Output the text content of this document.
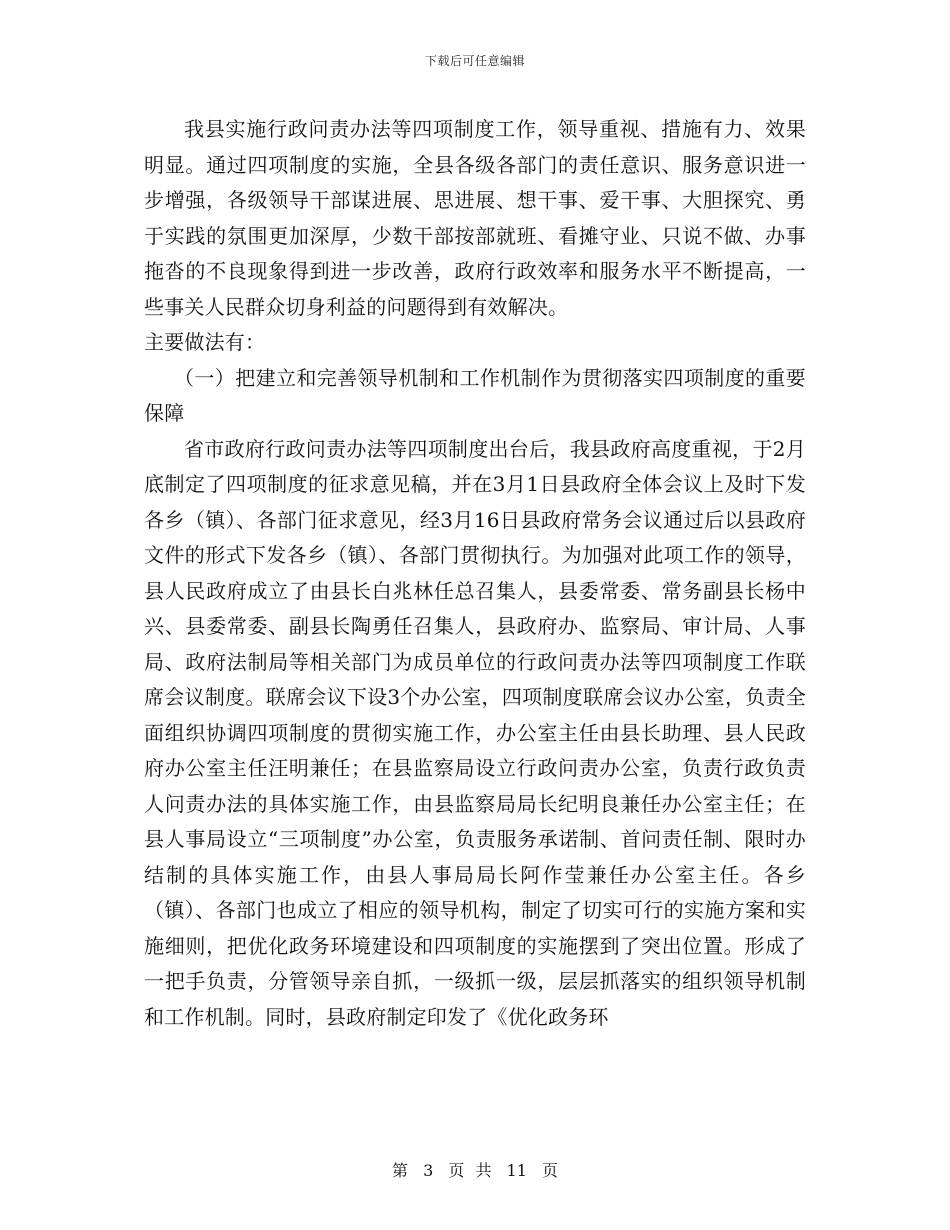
下载后可任意编辑

我县实施行政问责办法等四项制度工作，领导重视、措施有力、效果明显。通过四项制度的实施，全县各级各部门的责任意识、服务意识进一步增强，各级领导干部谋进展、思进展、想干事、爱干事、大胆探究、勇于实践的氛围更加深厚，少数干部按部就班、看摊守业、只说不做、办事拖沓的不良现象得到进一步改善，政府行政效率和服务水平不断提高，一些事关人民群众切身利益的问题得到有效解决。

主要做法有：

（一）把建立和完善领导机制和工作机制作为贯彻落实四项制度的重要保障

省市政府行政问责办法等四项制度出台后，我县政府高度重视，于2月底制定了四项制度的征求意见稿，并在3月1日县政府全体会议上及时下发各乡（镇）、各部门征求意见，经3月16日县政府常务会议通过后以县政府文件的形式下发各乡（镇）、各部门贯彻执行。为加强对此项工作的领导，县人民政府成立了由县长白兆林任总召集人，县委常委、常务副县长杨中兴、县委常委、副县长陶勇任召集人，县政府办、监察局、审计局、人事局、政府法制局等相关部门为成员单位的行政问责办法等四项制度工作联席会议制度。联席会议下设3个办公室，四项制度联席会议办公室，负责全面组织协调四项制度的贯彻实施工作，办公室主任由县长助理、县人民政府办公室主任汪明兼任；在县监察局设立行政问责办公室，负责行政负责人问责办法的具体实施工作，由县监察局局长纪明良兼任办公室主任；在县人事局设立“三项制度”办公室，负责服务承诺制、首问责任制、限时办结制的具体实施工作，由县人事局局长阿作莹兼任办公室主任。各乡（镇）、各部门也成立了相应的领导机构，制定了切实可行的实施方案和实施细则，把优化政务环境建设和四项制度的实施摆到了突出位置。形成了一把手负责，分管领导亲自抓，一级抓一级，层层抓落实的组织领导机制和工作机制。同时，县政府制定印发了《优化政务环

第 3 页 共 11 页
